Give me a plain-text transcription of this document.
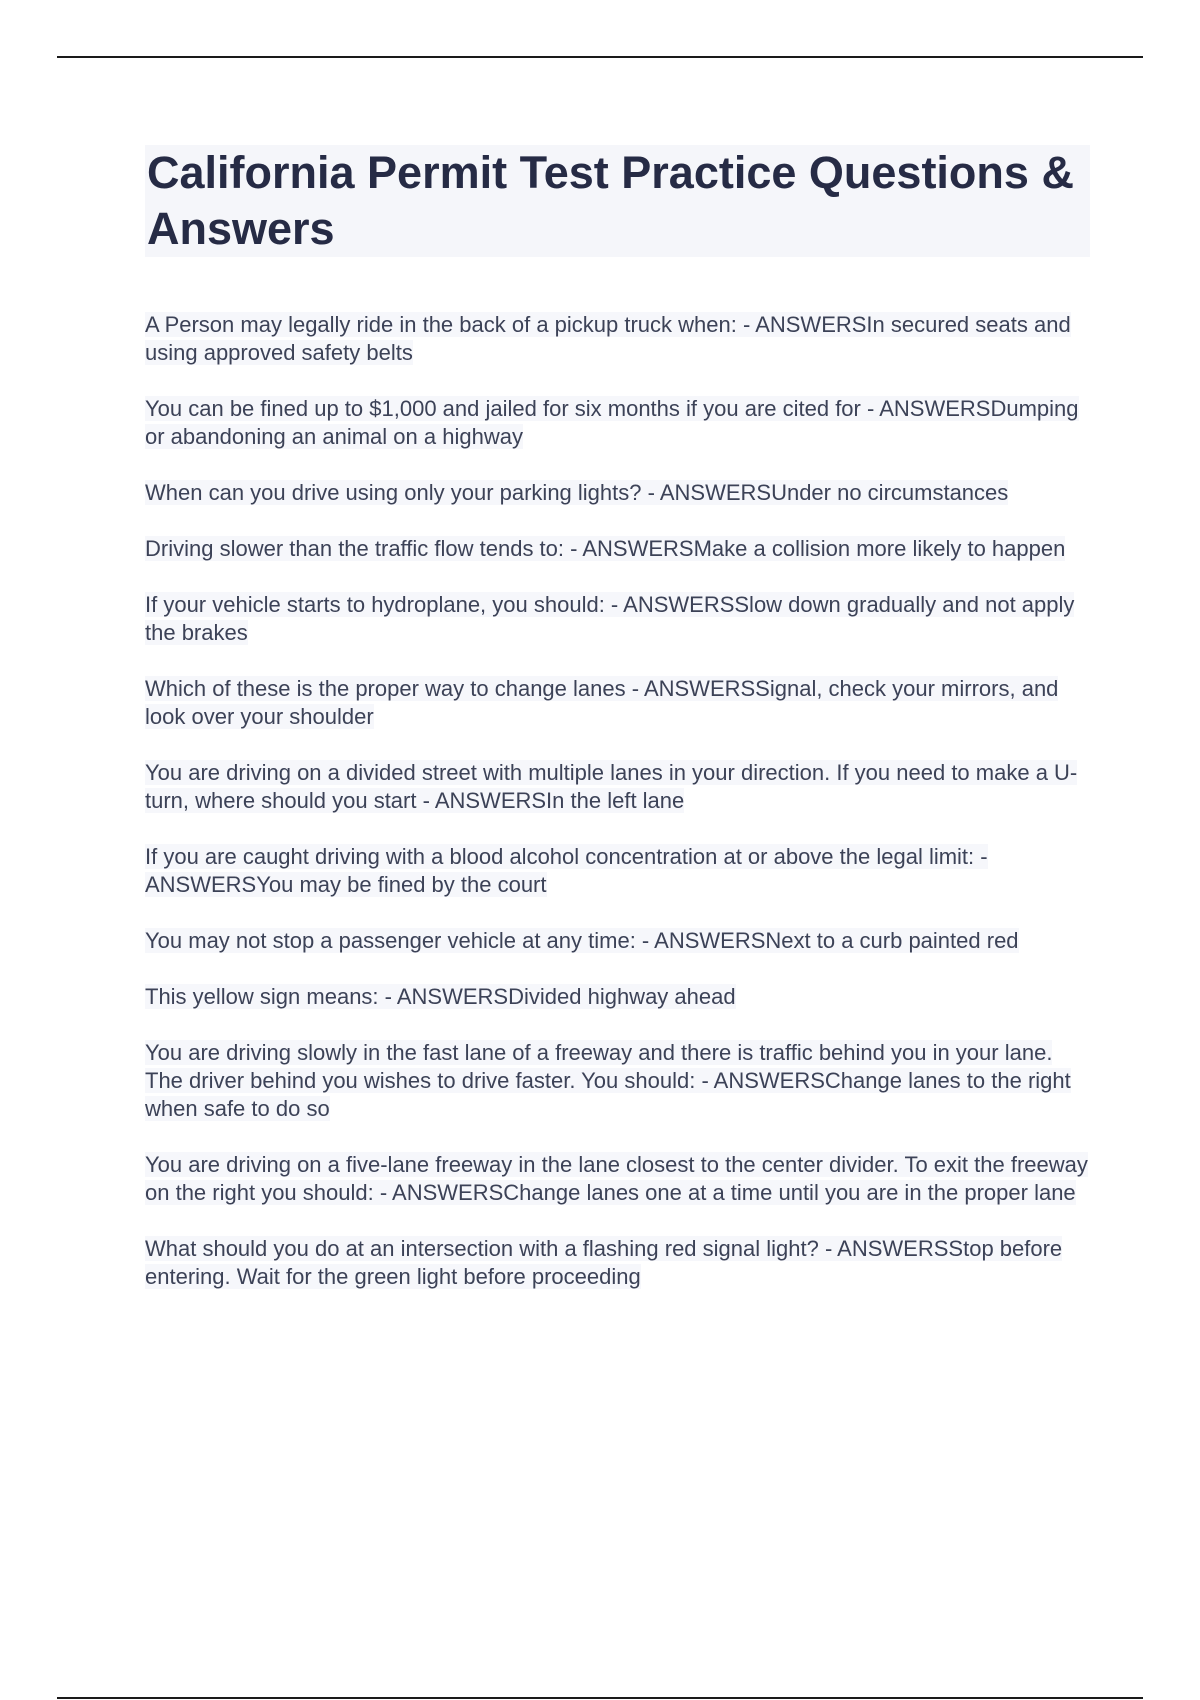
California Permit Test Practice Questions & Answers

A Person may legally ride in the back of a pickup truck when: - ANSWERSIn secured seats and using approved safety belts

You can be fined up to $1,000 and jailed for six months if you are cited for - ANSWERSDumping or abandoning an animal on a highway

When can you drive using only your parking lights? - ANSWERSUnder no circumstances

Driving slower than the traffic flow tends to: - ANSWERSMake a collision more likely to happen

If your vehicle starts to hydroplane, you should: - ANSWERSSlow down gradually and not apply the brakes

Which of these is the proper way to change lanes - ANSWERSSignal, check your mirrors, and look over your shoulder

You are driving on a divided street with multiple lanes in your direction. If you need to make a U-turn, where should you start - ANSWERSIn the left lane

If you are caught driving with a blood alcohol concentration at or above the legal limit: - ANSWERSYou may be fined by the court

You may not stop a passenger vehicle at any time: - ANSWERSNext to a curb painted red

This yellow sign means: - ANSWERSDivided highway ahead

You are driving slowly in the fast lane of a freeway and there is traffic behind you in your lane. The driver behind you wishes to drive faster. You should: - ANSWERSChange lanes to the right when safe to do so

You are driving on a five-lane freeway in the lane closest to the center divider. To exit the freeway on the right you should: - ANSWERSChange lanes one at a time until you are in the proper lane

What should you do at an intersection with a flashing red signal light? - ANSWERSStop before entering. Wait for the green light before proceeding
